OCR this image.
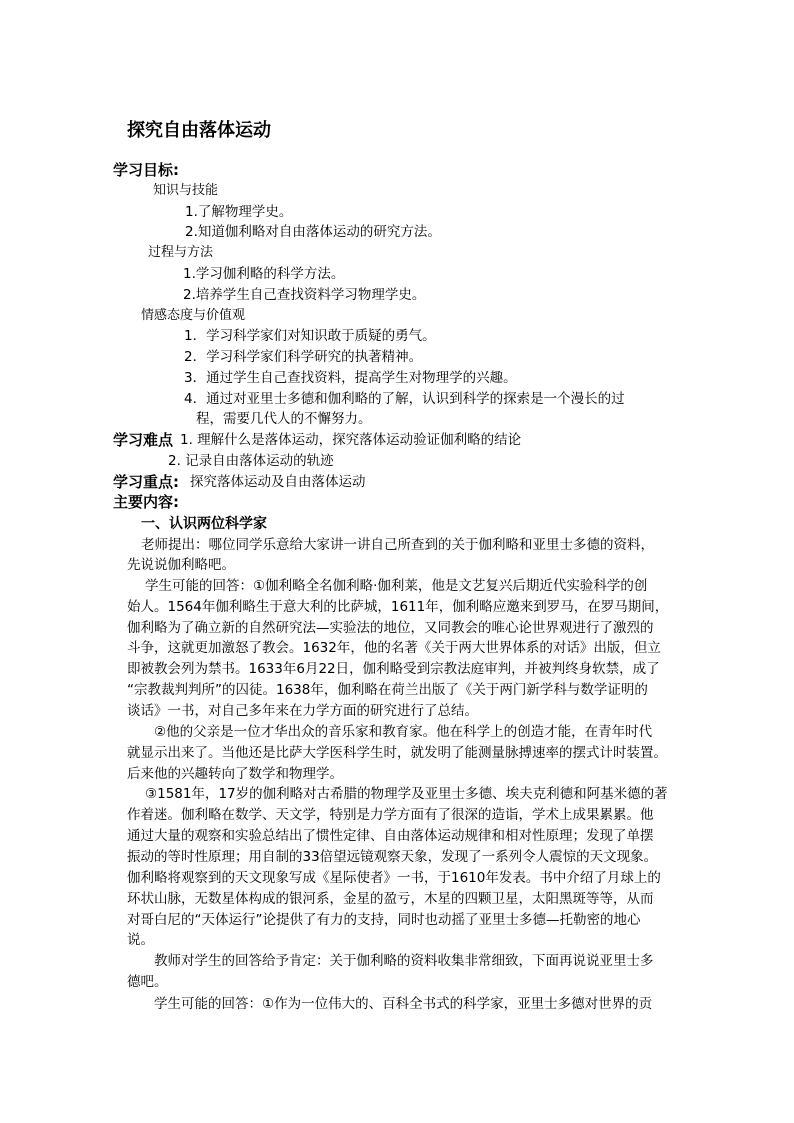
探究自由落体运动
学习目标:
知识与技能
1.了解物理学史。
2.知道伽利略对自由落体运动的研究方法。
过程与方法
1.学习伽利略的科学方法。
2.培养学生自己查找资料学习物理学史。
情感态度与价值观
1．学习科学家们对知识敢于质疑的勇气。
2．学习科学家们科学研究的执著精神。
3．通过学生自己查找资料，提高学生对物理学的兴趣。
4．通过对亚里士多德和伽利略的了解，认识到科学的探索是一个漫长的过
程，需要几代人的不懈努力。
学习难点 1. 理解什么是落体运动，探究落体运动验证伽利略的结论
2. 记录自由落体运动的轨迹
学习重点: 探究落体运动及自由落体运动
主要内容:
一、认识两位科学家
老师提出：哪位同学乐意给大家讲一讲自己所查到的关于伽利略和亚里士多德的资料，
先说说伽利略吧。
学生可能的回答：①伽利略全名伽利略·伽利莱，他是文艺复兴后期近代实验科学的创
始人。1564年伽利略生于意大利的比萨城，1611年，伽利略应邀来到罗马，在罗马期间，
伽利略为了确立新的自然研究法—实验法的地位，又同教会的唯心论世界观进行了激烈的
斗争，这就更加激怒了教会。1632年，他的名著《关于两大世界体系的对话》出版，但立
即被教会列为禁书。1633年6月22日，伽利略受到宗教法庭审判，并被判终身软禁，成了
“宗教裁判判所”的囚徒。1638年，伽利略在荷兰出版了《关于两门新学科与数学证明的
谈话》一书，对自己多年来在力学方面的研究进行了总结。
②他的父亲是一位才华出众的音乐家和教育家。他在科学上的创造才能，在青年时代
就显示出来了。当他还是比萨大学医科学生时，就发明了能测量脉搏速率的摆式计时装置。
后来他的兴趣转向了数学和物理学。
③1581年，17岁的伽利略对古希腊的物理学及亚里士多德、埃夫克利德和阿基米德的著
作着迷。伽利略在数学、天文学，特别是力学方面有了很深的造诣，学术上成果累累。他
通过大量的观察和实验总结出了惯性定律、自由落体运动规律和相对性原理；发现了单摆
振动的等时性原理；用自制的33倍望远镜观察天象，发现了一系列令人震惊的天文现象。
伽利略将观察到的天文现象写成《星际使者》一书，于1610年发表。书中介绍了月球上的
环状山脉，无数星体构成的银河系，金星的盈亏，木星的四颗卫星，太阳黑斑等等，从而
对哥白尼的“天体运行”论提供了有力的支持，同时也动摇了亚里士多德—托勒密的地心
说。
教师对学生的回答给予肯定：关于伽利略的资料收集非常细致，下面再说说亚里士多
德吧。
学生可能的回答：①作为一位伟大的、百科全书式的科学家，亚里士多德对世界的贡
